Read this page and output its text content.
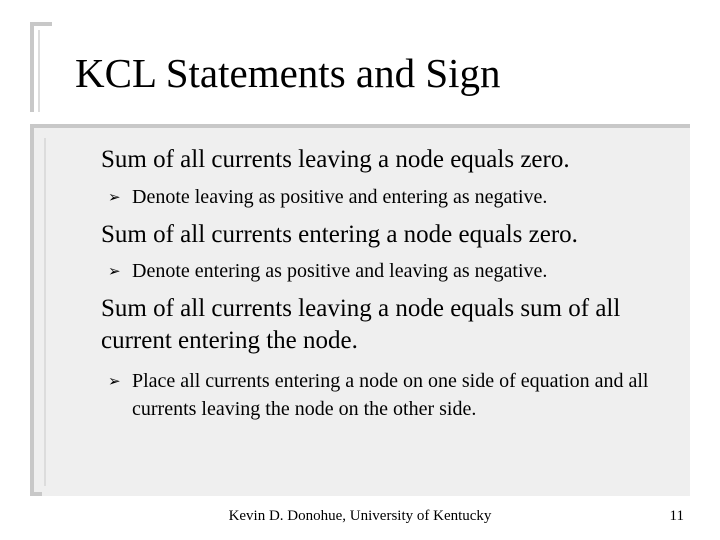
KCL Statements and Sign
Sum of all currents leaving a node equals zero.
➢ Denote leaving as positive and entering as negative.
Sum of all currents entering a node equals zero.
➢ Denote entering as positive and leaving as negative.
Sum of all currents leaving a node equals sum of all current entering the node.
➢ Place all currents entering a node on one side of equation and all currents leaving the node on the other side.
Kevin D. Donohue, University of Kentucky	11
